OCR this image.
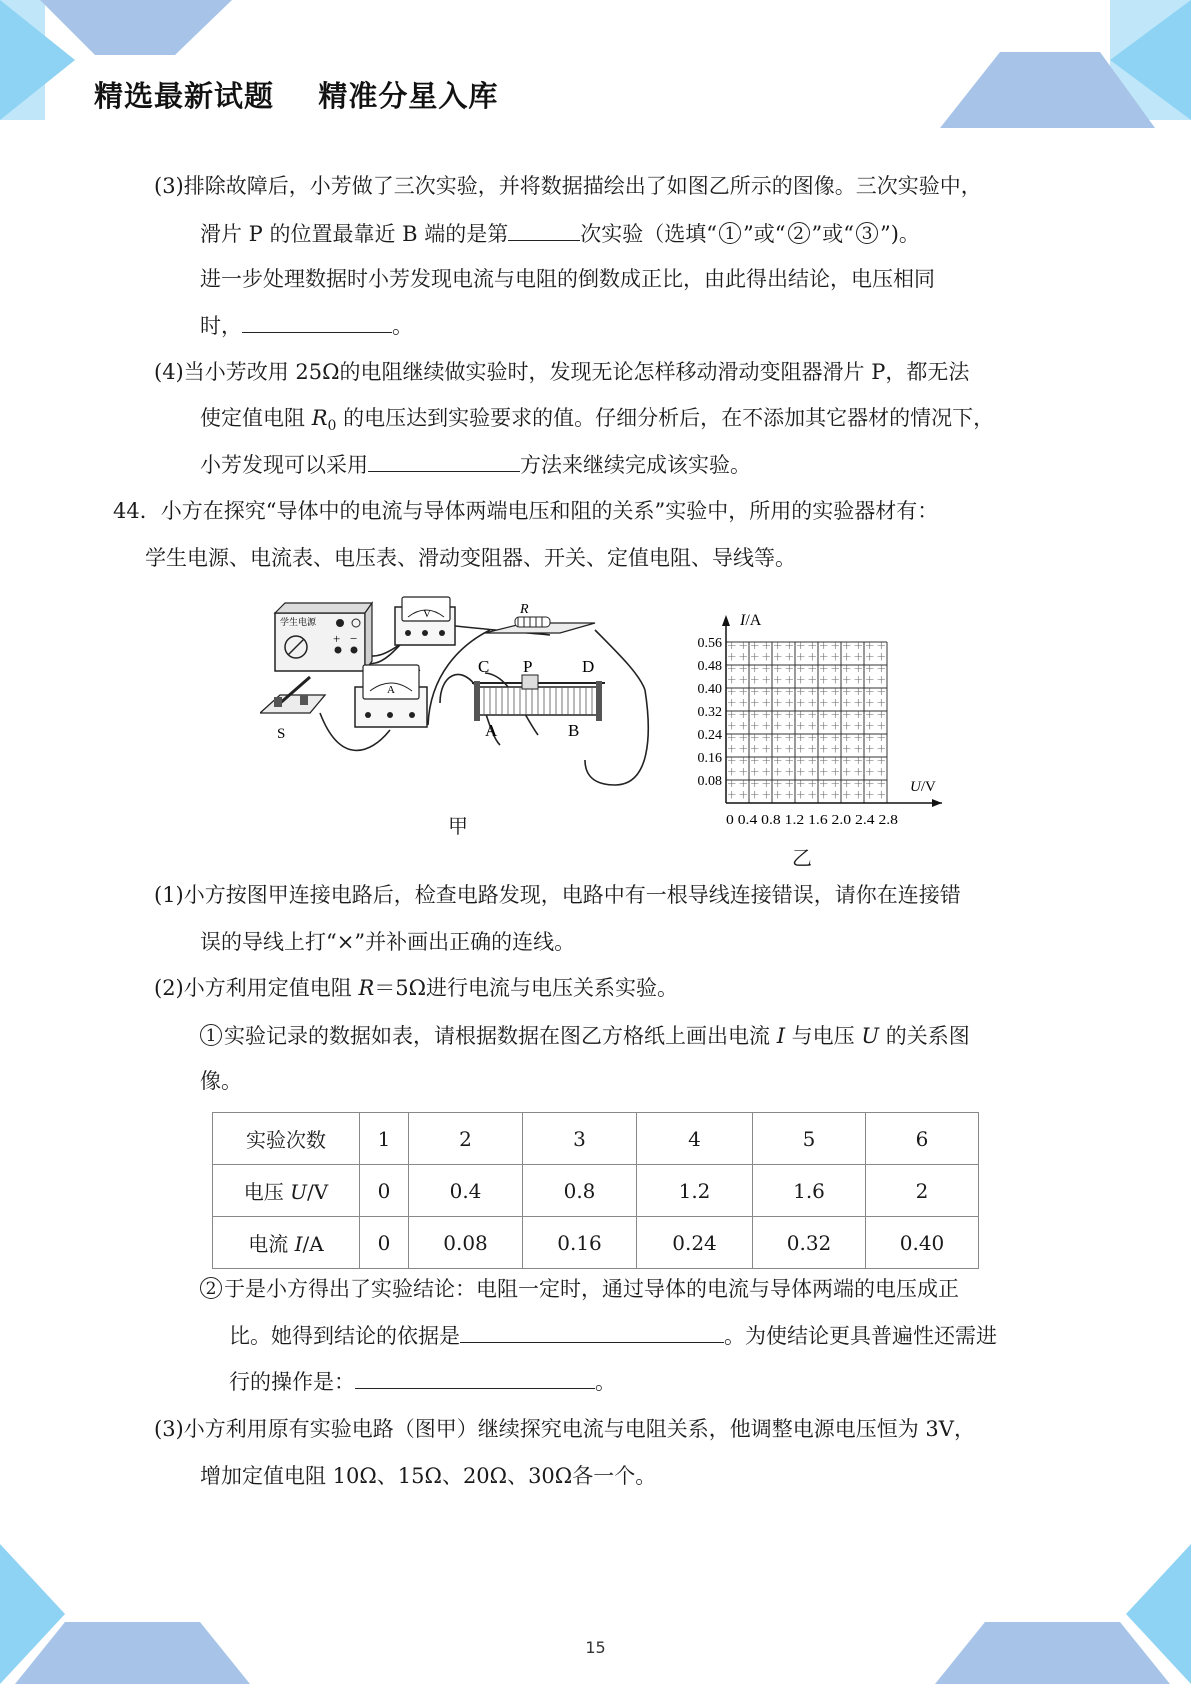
精选最新试题    精准分星入库
(3)排除故障后，小芳做了三次实验，并将数据描绘出了如图乙所示的图像。三次实验中，
滑片 P 的位置最靠近 B 端的是第	次实验（选填“ 1 ”或“ 2 ”或“ 3 ”)。
进一步处理数据时小芳发现电流与电阻的倒数成正比，由此得出结论，电压相同
时，	。
(4)当小芳改用 25Ω的电阻继续做实验时，发现无论怎样移动滑动变阻器滑片 P，都无法
使定值电阻 $R_0$ 的电压达到实验要求的值。仔细分析后，在不添加其它器材的情况下，
小芳发现可以采用	方法来继续完成该实验。
44．小方在探究“导体中的电流与导体两端电压和阻的关系”实验中，所用的实验器材有：
学生电源、电流表、电压表、滑动变阻器、开关、定值电阻、导线等。
学生电源
+ −
V	R
S
A
C P	D
A	B
甲
I/A
U/V
0.56
0.48
0.40
0.32
0.24
0.16
0.08
0 0.4 0.8 1.2 1.6 2.0 2.4 2.8
乙
(1)小方按图甲连接电路后，检查电路发现，电路中有一根导线连接错误，请你在连接错
误的导线上打“×”并补画出正确的连线。
(2)小方利用定值电阻 R＝5Ω进行电流与电压关系实验。
1 实验记录的数据如表，请根据数据在图乙方格纸上画出电流 I 与电压 U 的关系图
像。
实验次数	1	2	3	4	5	6
电压 U/V	0	0.4	0.8	1.2	1.6	2
电流 I/A	0	0.08	0.16	0.24	0.32	0.40
2 于是小方得出了实验结论：电阻一定时，通过导体的电流与导体两端的电压成正
比。她得到结论的依据是	。为使结论更具普遍性还需进
行的操作是：	。
(3)小方利用原有实验电路（图甲）继续探究电流与电阻关系，他调整电源电压恒为 3V，
增加定值电阻 10Ω、15Ω、20Ω、30Ω各一个。
15
